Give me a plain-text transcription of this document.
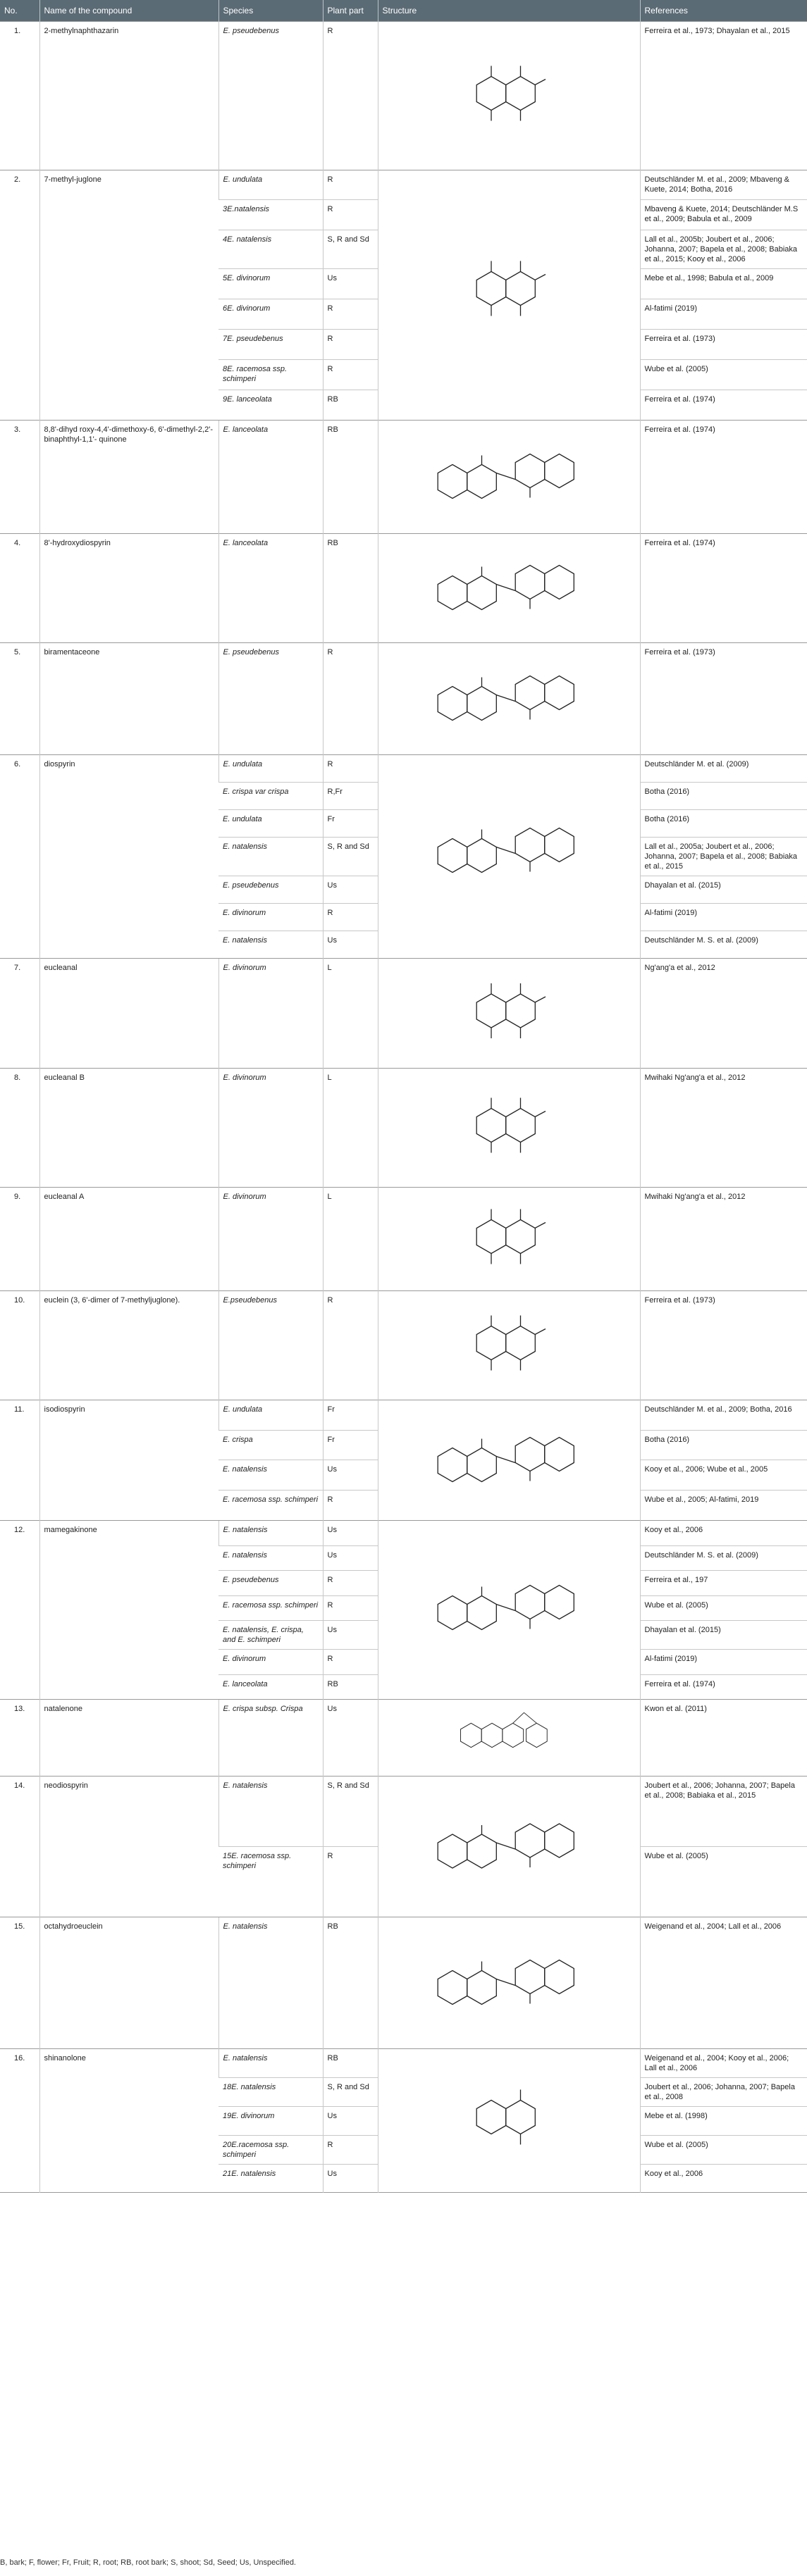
No.	Name of the compound	Species	Plant part	Structure	References
1.	2-methylnaphthazarin	E. pseudebenus	R		Ferreira et al., 1973; Dhayalan et al., 2015
2.	7-methyl-juglone	E. undulata	R		Deutschländer M. et al., 2009; Mbaveng & Kuete, 2014; Botha, 2016
		3E.natalensis	R		Mbaveng & Kuete, 2014; Deutschländer M.S et al., 2009; Babula et al., 2009
		4E. natalensis	S, R and Sd		Lall et al., 2005b; Joubert et al., 2006; Johanna, 2007; Bapela et al., 2008; Babiaka et al., 2015; Kooy et al., 2006
		5E. divinorum	Us		Mebe et al., 1998; Babula et al., 2009
		6E. divinorum	R		Al-fatimi (2019)
		7E. pseudebenus	R		Ferreira et al. (1973)
		8E. racemosa ssp. schimperi	R		Wube et al. (2005)
		9E. lanceolata	RB		Ferreira et al. (1974)
3.	8,8'-dihyd roxy-4,4'-dimethoxy-6, 6'-dimethyl-2,2'- binaphthyl-1,1'- quinone	E. lanceolata	RB		Ferreira et al. (1974)
4.	8'-hydroxydiospyrin	E. lanceolata	RB		Ferreira et al. (1974)
5.	biramentaceone	E. pseudebenus	R		Ferreira et al. (1973)
6.	diospyrin	E. undulata	R		Deutschländer M. et al. (2009)
		E. crispa var crispa	R,Fr		Botha (2016)
		E. undulata	Fr		Botha (2016)
		E. natalensis	S, R and Sd		Lall et al., 2005a; Joubert et al., 2006; Johanna, 2007; Bapela et al., 2008; Babiaka et al., 2015
		E. pseudebenus	Us		Dhayalan et al. (2015)
		E. divinorum	R		Al-fatimi (2019)
		E. natalensis	Us		Deutschländer M. S. et al. (2009)
7.	eucleanal	E. divinorum	L		Ng'ang'a et al., 2012
8.	eucleanal B	E. divinorum	L		Mwihaki Ng'ang'a et al., 2012
9.	eucleanal A	E. divinorum	L		Mwihaki Ng'ang'a et al., 2012
10.	euclein (3, 6'-dimer of 7-methyljuglone).	E.pseudebenus	R		Ferreira et al. (1973)
11.	isodiospyrin	E. undulata	Fr		Deutschländer M. et al., 2009; Botha, 2016
		E. crispa	Fr		Botha (2016)
		E. natalensis	Us		Kooy et al., 2006; Wube et al., 2005
		E. racemosa ssp. schimperi	R		Wube et al., 2005; Al-fatimi, 2019
12.	mamegakinone	E. natalensis	Us		Kooy et al., 2006
		E. natalensis	Us		Deutschländer M. S. et al. (2009)
		E. pseudebenus	R		Ferreira et al., 197
		E. racemosa ssp. schimperi	R		Wube et al. (2005)
		E. natalensis, E. crispa, and E. schimperi	Us		Dhayalan et al. (2015)
		E. divinorum	R		Al-fatimi (2019)
		E. lanceolata	RB		Ferreira et al. (1974)
13.	natalenone	E. crispa subsp. Crispa	Us		Kwon et al. (2011)
14.	neodiospyrin	E. natalensis	S, R and Sd		Joubert et al., 2006; Johanna, 2007; Bapela et al., 2008; Babiaka et al., 2015
		15E. racemosa ssp. schimperi	R		Wube et al. (2005)
15.	octahydroeuclein	E. natalensis	RB		Weigenand et al., 2004; Lall et al., 2006
16.	shinanolone	E. natalensis	RB		Weigenand et al., 2004; Kooy et al., 2006; Lall et al., 2006
		18E. natalensis	S, R and Sd		Joubert et al., 2006; Johanna, 2007; Bapela et al., 2008
		19E. divinorum	Us		Mebe et al. (1998)
		20E.racemosa ssp. schimperi	R		Wube et al. (2005)
		21E. natalensis	Us		Kooy et al., 2006

B, bark; F, flower; Fr, Fruit; R, root; RB, root bark; S, shoot; Sd, Seed; Us, Unspecified.
